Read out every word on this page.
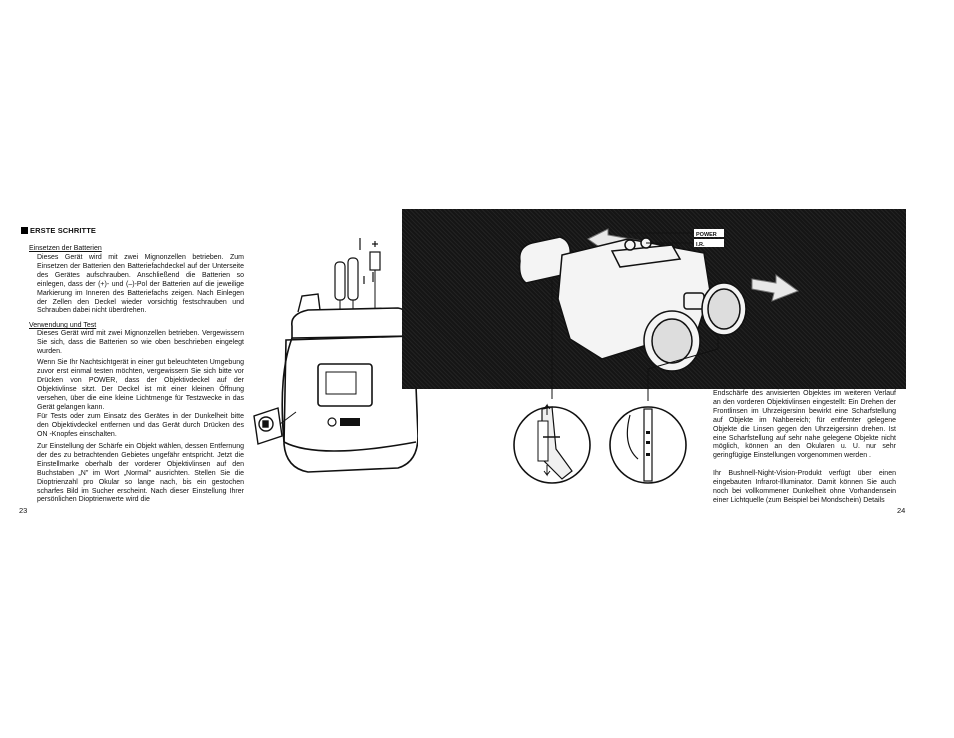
ERSTE SCHRITTE
Einsetzen der Batterien
Dieses Gerät wird mit zwei Mignonzellen betrieben. Zum Einsetzen der Batterien den Batteriefachdeckel auf der Unterseite des Gerätes aufschrauben. Anschließend die Batterien so einlegen, dass der (+)- und (–)-Pol der Batterien auf die jeweilige Markierung im Inneren des Batteriefachs zeigen. Nach Einlegen der Zellen den Deckel wieder vorsichtig festschrauben und Schrauben dabei nicht überdrehen.
Verwendung und Test
Dieses Gerät wird mit zwei Mignonzellen betrieben. Vergewissern Sie sich, dass die Batterien so wie oben beschrieben eingelegt wurden.
Wenn Sie Ihr Nachtsichtgerät in einer gut beleuchteten Umgebung zuvor erst einmal testen möchten, vergewissern Sie sich bitte vor Drücken von POWER, dass der Objektivdeckel auf der Objektivlinse sitzt. Der Deckel ist mit einer kleinen Öffnung versehen, über die eine kleine Lichtmenge für Testzwecke in das Gerät gelangen kann.
Für Tests oder zum Einsatz des Gerätes in der Dunkelheit bitte den Objektivdeckel entfernen und das Gerät durch Drücken des ON -Knopfes einschalten.
Zur Einstellung der Schärfe ein Objekt wählen, dessen Entfernung der des zu betrachtenden Gebietes ungefähr entspricht. Jetzt die Einstellmarke oberhalb der vorderer Objektivlinsen auf den Buchstaben „N" im Wort „Normal" ausrichten. Stellen Sie die Dioptrienzahl pro Okular so lange nach, bis ein gestochen scharfes Bild im Sucher erscheint. Nach dieser Einstellung Ihrer persönlichen Dioptrienwerte wird die
23
POWER
I.R.
Endschärfe des anvisierten Objektes im weiteren Verlauf an den vorderen Objektivlinsen eingestellt: Ein Drehen der Frontlinsen im Uhrzeigersinn bewirkt eine Scharfstellung auf Objekte im Nahbereich; für entfernter gelegene Objekte die Linsen gegen den Uhrzeigersinn drehen. Ist eine Scharfstellung auf sehr nahe gelegene Objekte nicht möglich, können an den Okularen u. U. nur sehr geringfügige Einstellungen vorgenommen werden .
Ihr Bushnell-Night-Vision-Produkt verfügt über einen eingebauten Infrarot-Illuminator. Damit können Sie auch noch bei vollkommener Dunkelheit ohne Vorhandensein einer Lichtquelle (zum Beispiel bei Mondschein) Details
24
